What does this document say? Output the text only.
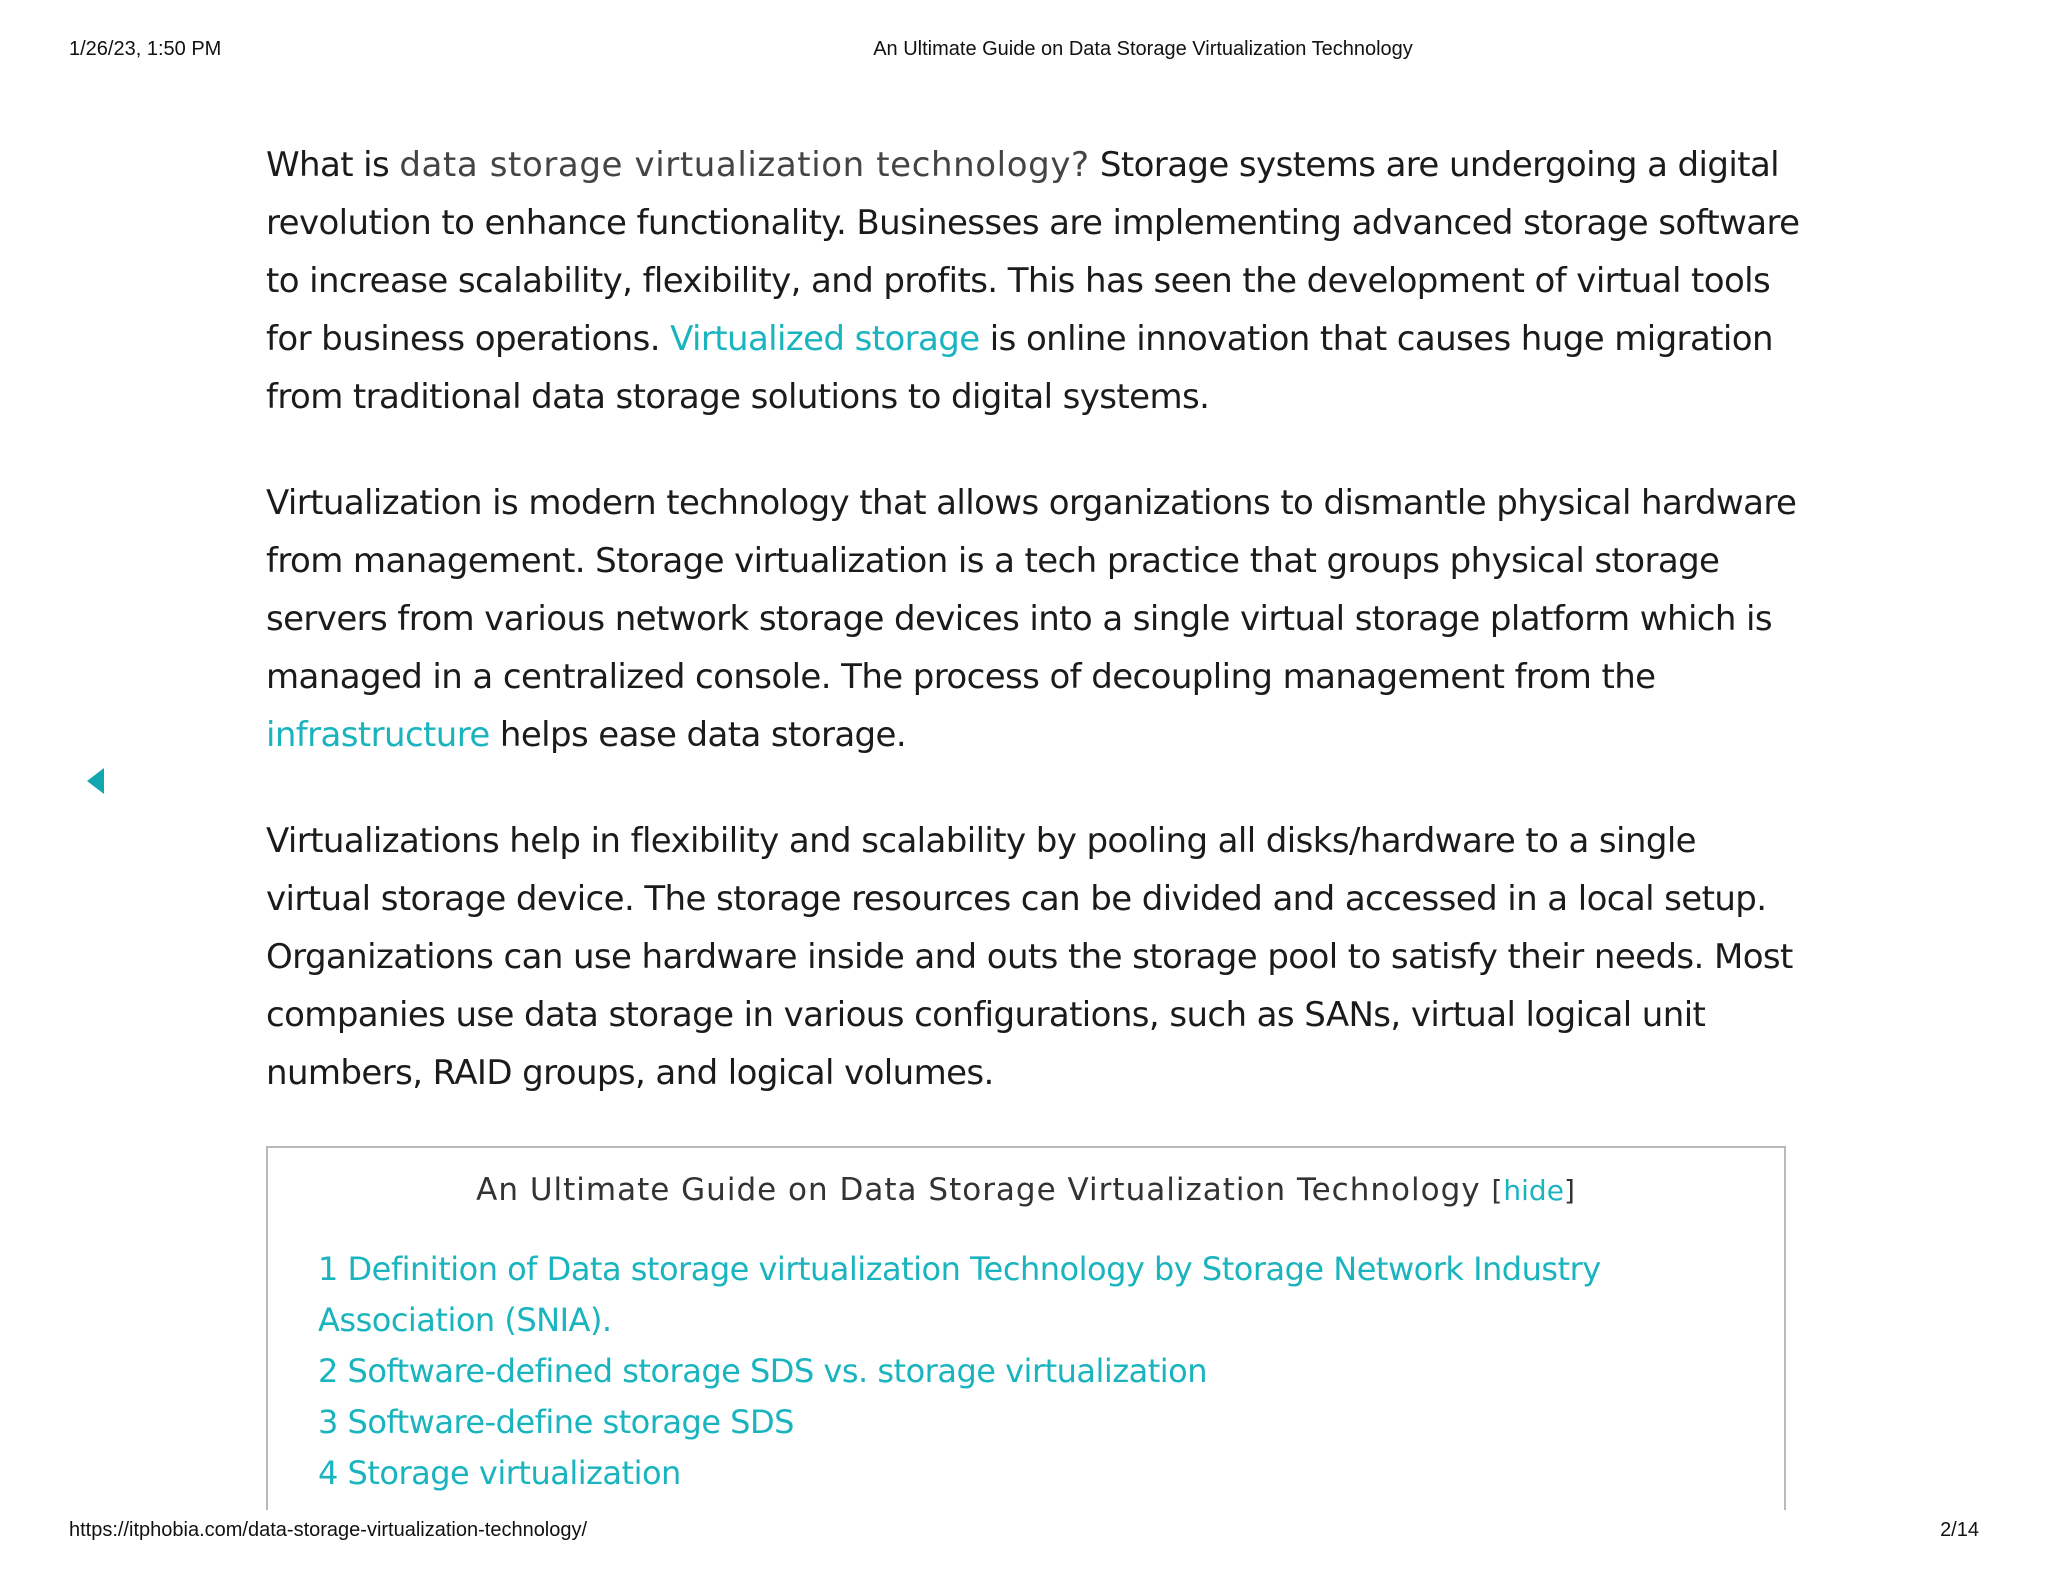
1/26/23, 1:50 PM	An Ultimate Guide on Data Storage Virtualization Technology

What is data storage virtualization technology? Storage systems are undergoing a digital revolution to enhance functionality. Businesses are implementing advanced storage software to increase scalability, flexibility, and profits. This has seen the development of virtual tools for business operations. Virtualized storage is online innovation that causes huge migration from traditional data storage solutions to digital systems.

Virtualization is modern technology that allows organizations to dismantle physical hardware from management. Storage virtualization is a tech practice that groups physical storage servers from various network storage devices into a single virtual storage platform which is managed in a centralized console. The process of decoupling management from the infrastructure helps ease data storage.

Virtualizations help in flexibility and scalability by pooling all disks/hardware to a single virtual storage device. The storage resources can be divided and accessed in a local setup. Organizations can use hardware inside and outs the storage pool to satisfy their needs. Most companies use data storage in various configurations, such as SANs, virtual logical unit numbers, RAID groups, and logical volumes.

An Ultimate Guide on Data Storage Virtualization Technology [hide]
1 Definition of Data storage virtualization Technology by Storage Network Industry Association (SNIA).
2 Software-defined storage SDS vs. storage virtualization
3 Software-define storage SDS
4 Storage virtualization
https://itphobia.com/data-storage-virtualization-technology/	2/14
